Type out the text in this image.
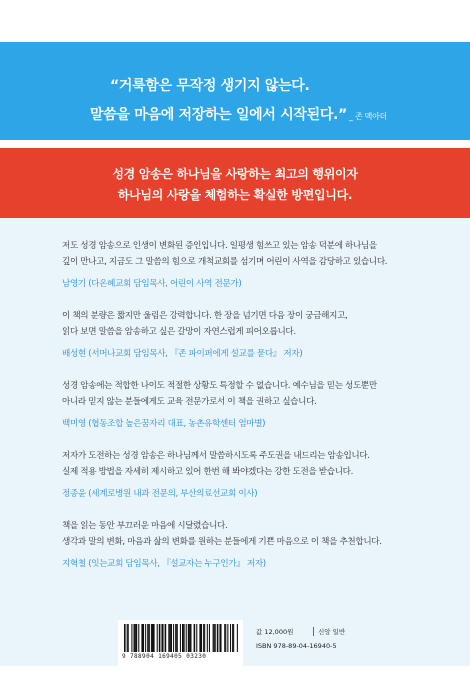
“거룩함은 무작정 생기지 않는다.
말씀을 마음에 저장하는 일에서 시작된다.” _ 존 맥아더
성경 암송은 하나님을 사랑하는 최고의 행위이자
하나님의 사랑을 체험하는 확실한 방편입니다.
저도 성경 암송으로 인생이 변화된 증인입니다. 일평생 힘쓰고 있는 암송 덕분에 하나님을
깊이 만나고, 지금도 그 말씀의 힘으로 개척교회를 섬기며 어린이 사역을 감당하고 있습니다.
남영기 (다온혜교회 담임목사, 어린이 사역 전문가)
이 책의 분량은 짧지만 울림은 강력합니다. 한 장을 넘기면 다음 장이 궁금해지고,
읽다 보면 말씀을 암송하고 싶은 갈망이 자연스럽게 피어오릅니다.
배성현 (서머나교회 담임목사, 『존 파이퍼에게 설교를 묻다』 저자)
성경 암송에는 적합한 나이도 적절한 상황도 특정할 수 없습니다. 예수님을 믿는 성도뿐만
아니라 믿지 않는 분들에게도 교육 전문가로서 이 책을 권하고 싶습니다.
백미영 (협동조합 높은꿈자리 대표, 농촌유학센터 엄마별)
저자가 도전하는 성경 암송은 하나님께서 말씀하시도록 주도권을 내드리는 암송입니다.
실제 적용 방법을 자세히 제시하고 있어 한번 해 봐야겠다는 강한 도전을 받습니다.
정종윤 (세계로병원 내과 전문의, 부산의료선교회 이사)
책을 읽는 동안 부끄러운 마음에 시달렸습니다.
생각과 말의 변화, 마음과 삶의 변화를 원하는 분들에게 기쁜 마음으로 이 책을 추천합니다.
지혁철 (잇는교회 담임목사, 『설교자는 누구인가』 저자)
9 788904 169405 03230
값 12,000원	신앙 일반
ISBN 978-89-04-16940-5
